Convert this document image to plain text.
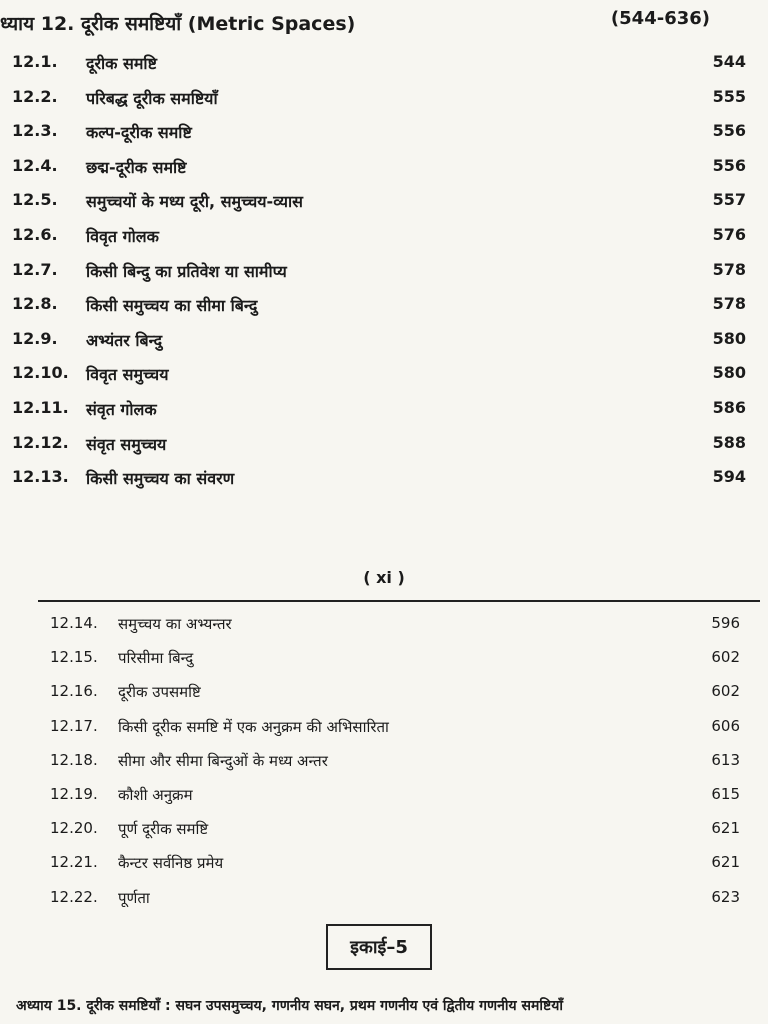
ध्याय 12. दूरीक समष्टियाँ (Metric Spaces)	(544-636)
12.1. दूरीक समष्टि	544
12.2. परिबद्ध दूरीक समष्टियाँ	555
12.3. कल्प-दूरीक समष्टि	556
12.4. छद्म-दूरीक समष्टि	556
12.5. समुच्चयों के मध्य दूरी, समुच्चय-व्यास	557
12.6. विवृत गोलक	576
12.7. किसी बिन्दु का प्रतिवेश या सामीप्य	578
12.8. किसी समुच्चय का सीमा बिन्दु	578
12.9. अभ्यंतर बिन्दु	580
12.10. विवृत समुच्चय	580
12.11. संवृत गोलक	586
12.12. संवृत समुच्चय	588
12.13. किसी समुच्चय का संवरण	594
( xi )
12.14. समुच्चय का अभ्यन्तर	596
12.15. परिसीमा बिन्दु	602
12.16. दूरीक उपसमष्टि	602
12.17. किसी दूरीक समष्टि में एक अनुक्रम की अभिसारिता	606
12.18. सीमा और सीमा बिन्दुओं के मध्य अन्तर	613
12.19. कौशी अनुक्रम	615
12.20. पूर्ण दूरीक समष्टि	621
12.21. कैन्टर सर्वनिष्ठ प्रमेय	621
12.22. पूर्णता	623
इकाई–5
अध्याय 15. दूरीक समष्टियाँ : सघन उपसमुच्चय, गणनीय सघन, प्रथम गणनीय एवं द्वितीय गणनीय समष्टियाँ
